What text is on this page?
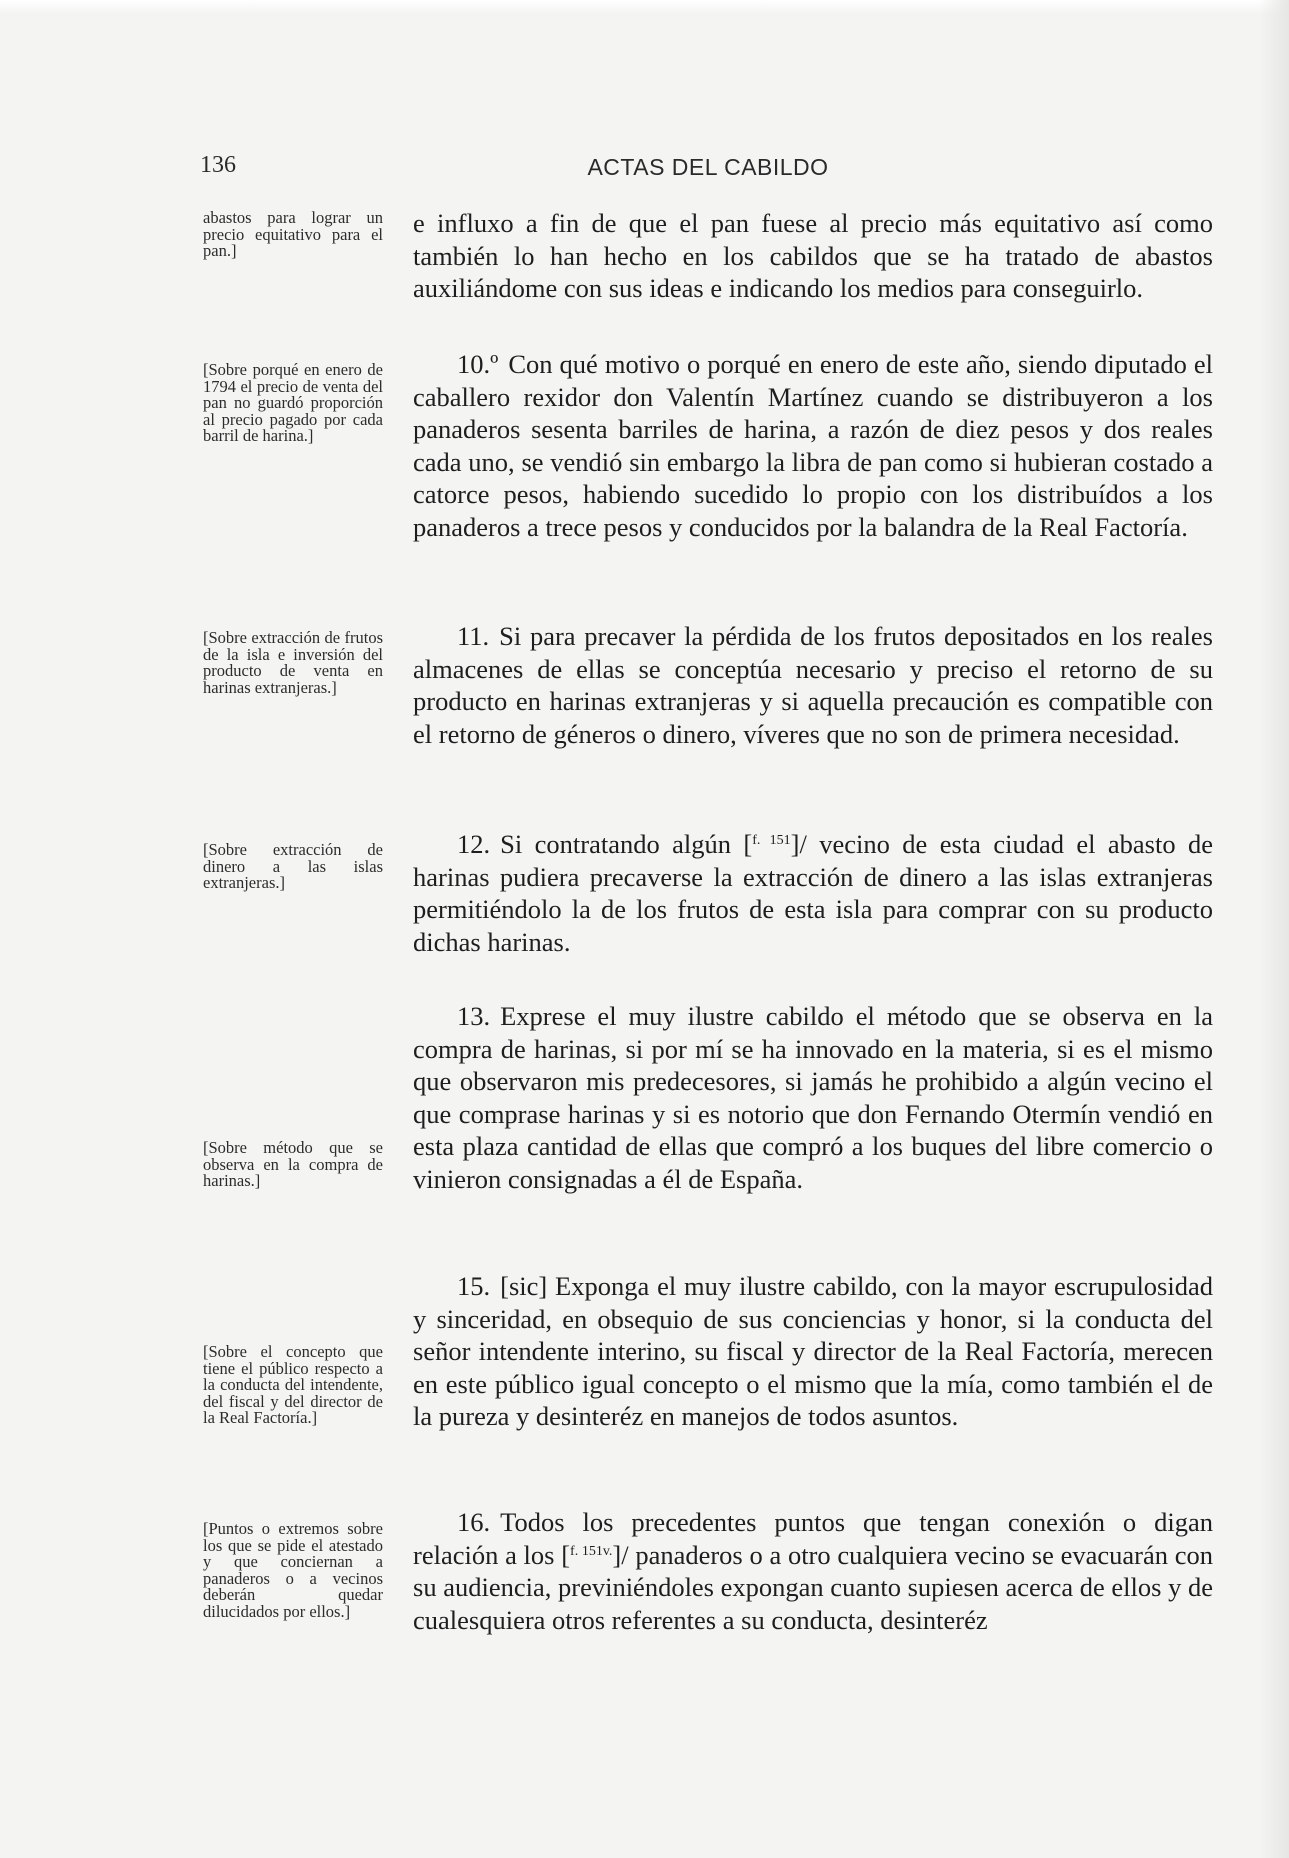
136	ACTAS DEL CABILDO
abastos para lograr un precio equitativo para el pan.]
[Sobre porqué en enero de 1794 el precio de venta del pan no guardó proporción al precio pagado por cada barril de harina.]
[Sobre extracción de frutos de la isla e inversión del producto de venta en harinas extranjeras.]
[Sobre extracción de dinero a las islas extranjeras.]
[Sobre método que se observa en la compra de harinas.]
[Sobre el concepto que tiene el público respecto a la conducta del intendente, del fiscal y del director de la Real Factoría.]
[Puntos o extremos sobre los que se pide el atestado y que conciernan a panaderos o a vecinos deberán quedar dilucidados por ellos.]
e influxo a fin de que el pan fuese al precio más equitativo así como también lo han hecho en los cabildos que se ha tratado de abastos auxiliándome con sus ideas e indicando los medios para conseguirlo.
10.º Con qué motivo o porqué en enero de este año, siendo diputado el caballero rexidor don Valentín Martínez cuando se distribuyeron a los panaderos sesenta barriles de harina, a razón de diez pesos y dos reales cada uno, se vendió sin embargo la libra de pan como si hubieran costado a catorce pesos, habiendo sucedido lo propio con los distribuídos a los panaderos a trece pesos y conducidos por la balandra de la Real Factoría.
11. Si para precaver la pérdida de los frutos depositados en los reales almacenes de ellas se conceptúa necesario y preciso el retorno de su producto en harinas extranjeras y si aquella precaución es compatible con el retorno de géneros o dinero, víveres que no son de primera necesidad.
12. Si contratando algún [$^{f. 151}$]/ vecino de esta ciudad el abasto de harinas pudiera precaverse la extracción de dinero a las islas extranjeras permitiéndolo la de los frutos de esta isla para comprar con su producto dichas harinas.
13. Exprese el muy ilustre cabildo el método que se observa en la compra de harinas, si por mí se ha innovado en la materia, si es el mismo que observaron mis predecesores, si jamás he prohibido a algún vecino el que comprase harinas y si es notorio que don Fernando Otermín vendió en esta plaza cantidad de ellas que compró a los buques del libre comercio o vinieron consignadas a él de España.
15. [sic] Exponga el muy ilustre cabildo, con la mayor escrupulosidad y sinceridad, en obsequio de sus conciencias y honor, si la conducta del señor intendente interino, su fiscal y director de la Real Factoría, merecen en este público igual concepto o el mismo que la mía, como también el de la pureza y desinteréz en manejos de todos asuntos.
16. Todos los precedentes puntos que tengan conexión o digan relación a los [$^{f. 151v.}$]/ panaderos o a otro cualquiera vecino se evacuarán con su audiencia, previniéndoles expongan cuanto supiesen acerca de ellos y de cualesquiera otros referentes a su conducta, desinteréz
